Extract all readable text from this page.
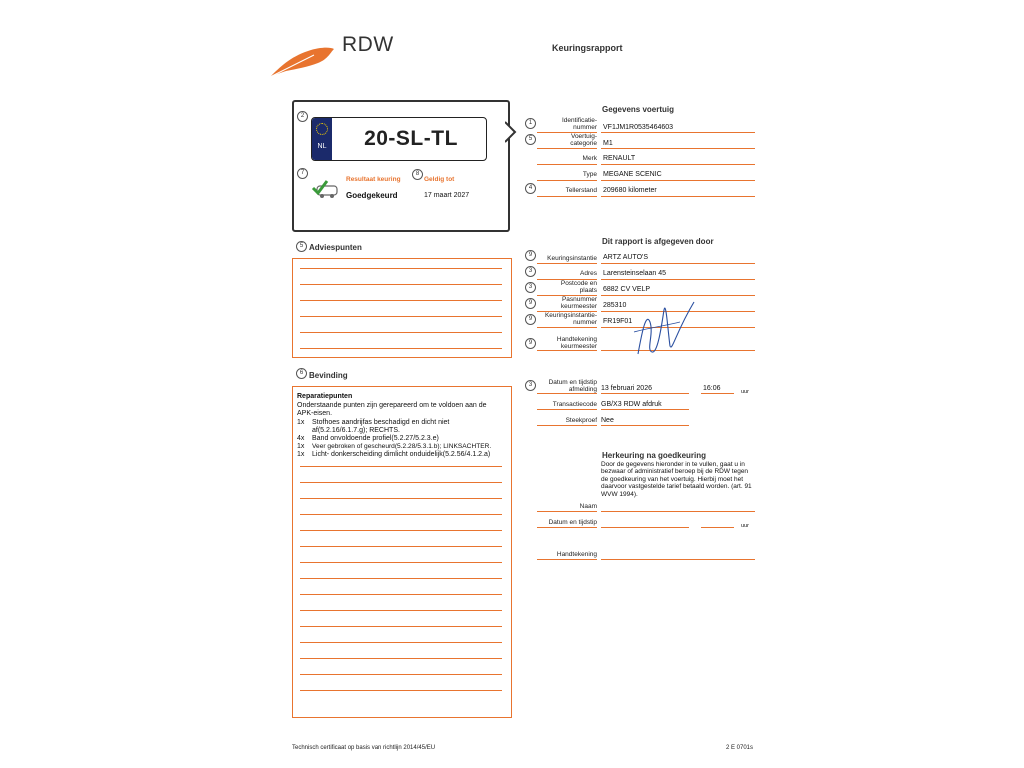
RDW	Keuringsrapport
2
NL	20-SL-TL
7
Resultaat keuring
Goedgekeurd
8
Geldig tot
17 maart 2027
Gegevens voertuig
1	Identificatie-
nummer VF1JM1R0535464603
5	Voertuig-
categorie M1
Merk RENAULT
Type MEGANE SCENIC
4	Tellerstand 209680 kilometer
Dit rapport is afgegeven door
9	Keuringsinstantie ARTZ AUTO'S
3	Adres Larensteinselaan 45
3	Postcode en
plaats 6882 CV VELP
9	Pasnummer
keurmeester 285310
9	Keuringsinstantie-
nummer FR19F01
9	Handtekening
keurmeester
3	Datum en tijdstip
afmelding 13 februari 2026	16:06	uur
Transactiecode GB/X3 RDW afdruk
Steekproef Nee
Herkeuring na goedkeuring
Door de gegevens hieronder in te vullen, gaat u in bezwaar of administratief beroep bij de RDW tegen de goedkeuring van het voertuig. Hierbij moet het daarvoor vastgestelde tarief betaald worden. (art. 91 WVW 1994).
Naam
Datum en tijdstip	uur
Handtekening
5 Adviespunten
6 Bevinding
Reparatiepunten
Onderstaande punten zijn gerepareerd om te voldoen aan de APK-eisen.
1x Stofhoes aandrijfas beschadigd en dicht niet af(5.2.16/6.1.7.g); RECHTS.
4x Band onvoldoende profiel(5.2.27/5.2.3.e)
1x Veer gebroken of gescheurd(5.2.28/5.3.1.b); LINKSACHTER.
1x Licht- donkerscheiding dimlicht onduidelijk(5.2.56/4.1.2.a)
Technisch certificaat op basis van richtlijn 2014/45/EU	2 E 0701s
